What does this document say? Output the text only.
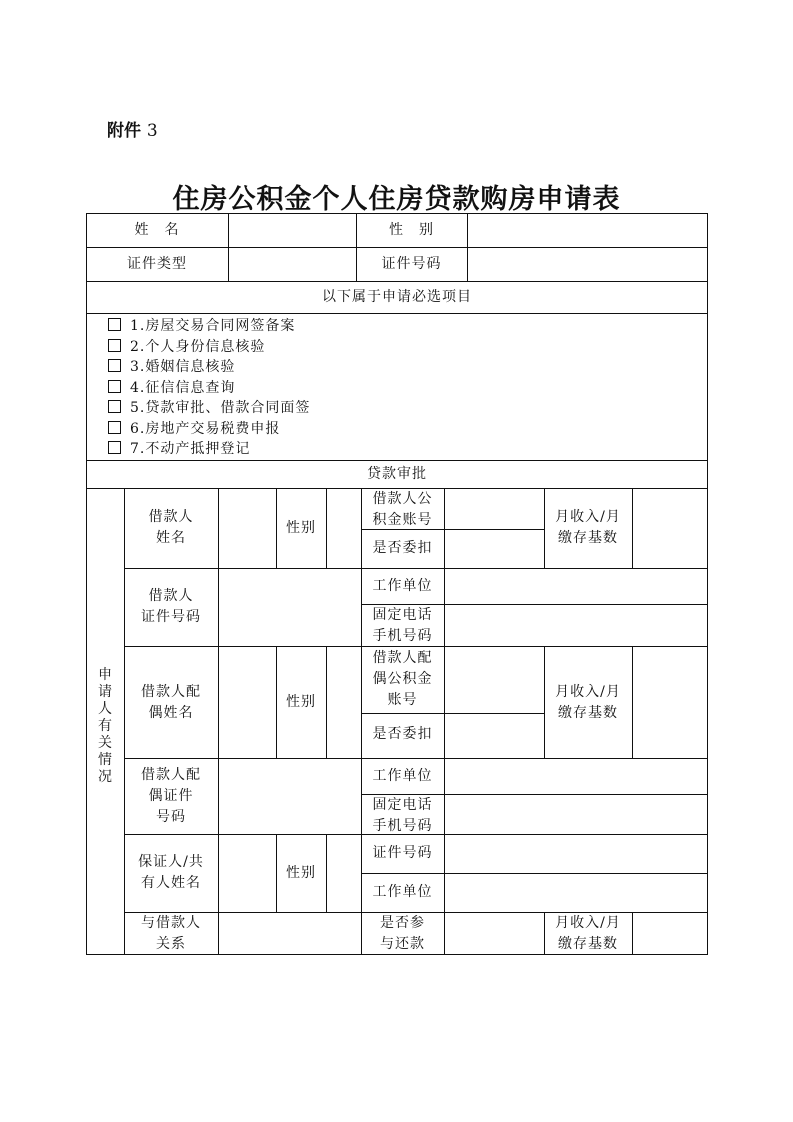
附件 3
住房公积金个人住房贷款购房申请表
姓　名	性　别
证件类型	证件号码
以下属于申请必选项目
1.房屋交易合同网签备案
2.个人身份信息核验
3.婚姻信息核验
4.征信信息查询
5.贷款审批、借款合同面签
6.房地产交易税费申报
7.不动产抵押登记
贷款审批
申
请
人
有
关
情
况
借款人
姓名
性别
借款人公
积金账号
是否委扣
月收入/月
缴存基数
借款人
证件号码
工作单位
固定电话
手机号码
借款人配
偶姓名
性别
借款人配
偶公积金
账号
是否委扣
月收入/月
缴存基数
借款人配
偶证件
号码
工作单位
固定电话
手机号码
保证人/共
有人姓名
性别
证件号码
工作单位
与借款人
关系
是否参
与还款
月收入/月
缴存基数
